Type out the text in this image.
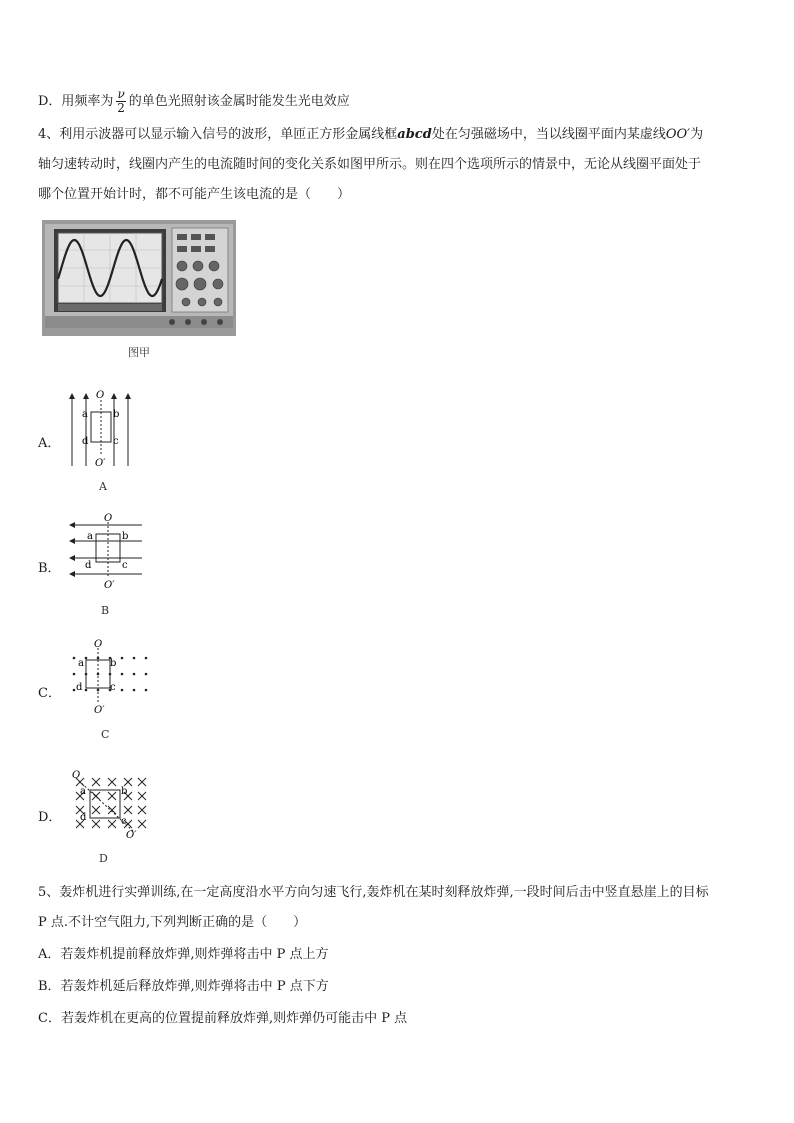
D．用频率为 $\frac{\nu}{2}$ 的单色光照射该金属时能发生光电效应
4、利用示波器可以显示输入信号的波形，单匝正方形金属线框abcd处在匀强磁场中，当以线圈平面内某虚线OO′为
轴匀速转动时，线圈内产生的电流随时间的变化关系如图甲所示。则在四个选项所示的情景中，无论从线圈平面处于
哪个位置开始计时，都不可能产生该电流的是（　　）
图甲
A．
O
O′
a	b
c
d
A
B．
O
O′
a	b
c
d
B
C．
O
O′
a	b
c
d
C
D．
O
O′
a	b
c
d
D
5、轰炸机进行实弹训练,在一定高度沿水平方向匀速飞行,轰炸机在某时刻释放炸弹,一段时间后击中竖直悬崖上的目标
P 点.不计空气阻力,下列判断正确的是（　　）
A．若轰炸机提前释放炸弹,则炸弹将击中 P 点上方
B．若轰炸机延后释放炸弹,则炸弹将击中 P 点下方
C．若轰炸机在更高的位置提前释放炸弹,则炸弹仍可能击中 P 点
